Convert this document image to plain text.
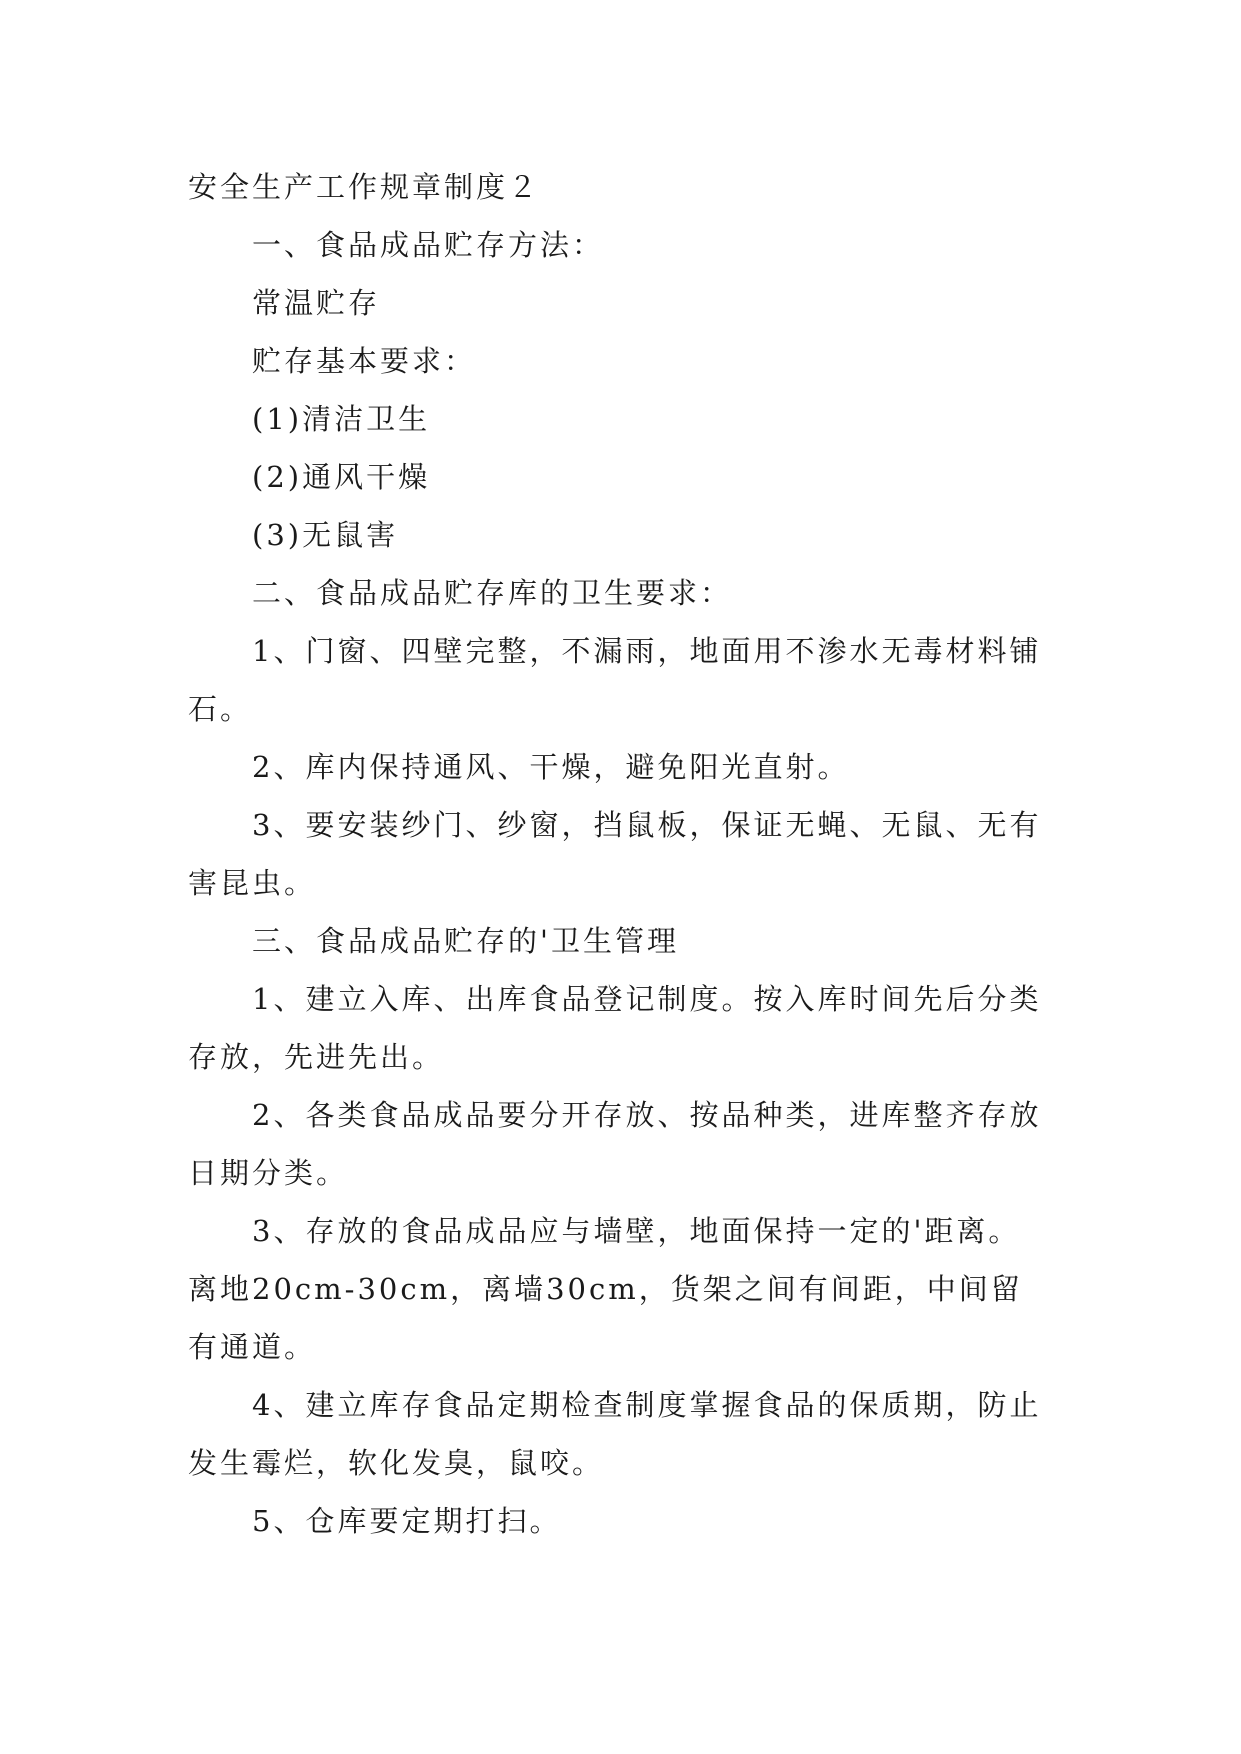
安全生产工作规章制度２

一、食品成品贮存方法：

常温贮存

贮存基本要求：

(1)清洁卫生

(2)通风干燥

(3)无鼠害

二、食品成品贮存库的卫生要求：

1、门窗、四壁完整，不漏雨，地面用不渗水无毒材料铺石。

2、库内保持通风、干燥，避免阳光直射。

3、要安装纱门、纱窗，挡鼠板，保证无蝇、无鼠、无有害昆虫。

三、食品成品贮存的'卫生管理

1、建立入库、出库食品登记制度。按入库时间先后分类存放，先进先出。

2、各类食品成品要分开存放、按品种类，进库整齐存放日期分类。

3、存放的食品成品应与墙壁，地面保持一定的'距离。离地20cm-30cm，离墙30cm，货架之间有间距，中间留有通道。

4、建立库存食品定期检查制度掌握食品的保质期，防止发生霉烂，软化发臭，鼠咬。

5、仓库要定期打扫。
